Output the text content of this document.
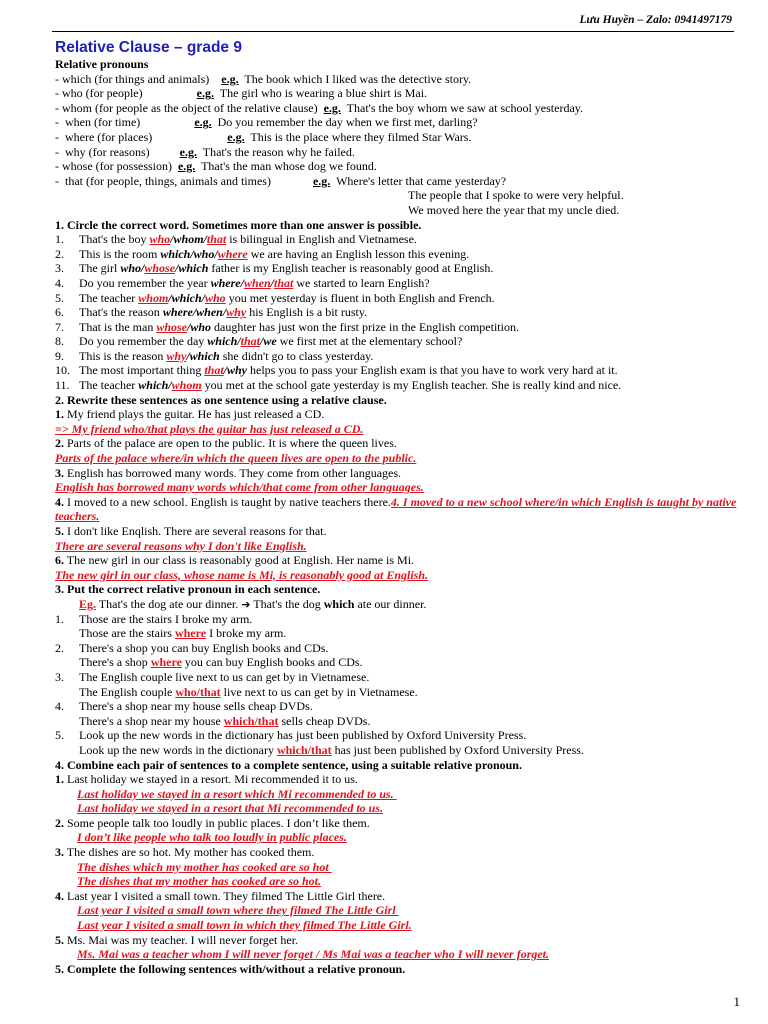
Lưu Huyền – Zalo: 0941497179
Relative Clause – grade 9
Relative pronouns
- which (for things and animals)    e.g.  The book which I liked was the detective story.
- who (for people)                  e.g.  The girl who is wearing a blue shirt is Mai.
- whom (for people as the object of the relative clause)  e.g.  That's the boy whom we saw at school yesterday.
-  when (for time)                  e.g.  Do you remember the day when we first met, darling?
-  where (for places)                         e.g.  This is the place where they filmed Star Wars.
-  why (for reasons)          e.g.  That's the reason why he failed.
- whose (for possession)  e.g.  That's the man whose dog we found.
-  that (for people, things, animals and times)              e.g.  Where's letter that came yesterday?
The people that I spoke to were very helpful.
We moved here the year that my uncle died.
1. Circle the correct word. Sometimes more than one answer is possible.
1. That's the boy who/whom/that is bilingual in English and Vietnamese.
2. This is the room which/who/where we are having an English lesson this evening.
3. The girl who/whose/which father is my English teacher is reasonably good at English.
4. Do you remember the year where/when/that we started to learn English?
5. The teacher whom/which/who you met yesterday is fluent in both English and French.
6. That's the reason where/when/why his English is a bit rusty.
7. That is the man whose/who daughter has just won the first prize in the English competition.
8. Do you remember the day which/that/we we first met at the elementary school?
9. This is the reason why/which she didn't go to class yesterday.
10. The most important thing that/why helps you to pass your English exam is that you have to work very hard at it.
11. The teacher which/whom you met at the school gate yesterday is my English teacher. She is really kind and nice.
2. Rewrite these sentences as one sentence using a relative clause.
1. My friend plays the guitar. He has just released a CD.
=> My friend who/that plays the guitar has just released a CD.
2. Parts of the palace are open to the public. It is where the queen lives.
Parts of the palace where/in which the queen lives are open to the public.
3. English has borrowed many words. They come from other languages.
English has borrowed many words which/that come from other languages.
4. I moved to a new school. English is taught by native teachers there.4. I moved to a new school where/in which English is taught by native teachers.
5. I don't like Enqlish. There are several reasons for that.
There are several reasons why I don't like English.
6. The new girl in our class is reasonably good at English. Her name is Mi.
The new girl in our class, whose name is Mi, is reasonably good at English.
3. Put the correct relative pronoun in each sentence.
Eg. That's the dog ate our dinner. ➔ That's the dog which ate our dinner.
1. Those are the stairs I broke my arm.
Those are the stairs where I broke my arm.
2. There's a shop you can buy English books and CDs.
There's a shop where you can buy English books and CDs.
3. The English couple live next to us can get by in Vietnamese.
The English couple who/that live next to us can get by in Vietnamese.
4. There's a shop near my house sells cheap DVDs.
There's a shop near my house which/that sells cheap DVDs.
5. Look up the new words in the dictionary has just been published by Oxford University Press.
Look up the new words in the dictionary which/that has just been published by Oxford University Press.
4. Combine each pair of sentences to a complete sentence, using a suitable relative pronoun.
1. Last holiday we stayed in a resort. Mi recommended it to us.
Last holiday we stayed in a resort which Mi recommended to us.
Last holiday we stayed in a resort that Mi recommended to us.
2. Some people talk too loudly in public places. I don’t like them.
I don’t like people who talk too loudly in public places.
3. The dishes are so hot. My mother has cooked them.
The dishes which my mother has cooked are so hot
The dishes that my mother has cooked are so hot.
4. Last year I visited a small town. They filmed The Little Girl there.
Last year I visited a small town where they filmed The Little Girl
Last year I visited a small town in which they filmed The Little Girl.
5. Ms. Mai was my teacher. I will never forget her.
Ms. Mai was a teacher whom I will never forget / Ms Mai was a teacher who I will never forget.
5. Complete the following sentences with/without a relative pronoun.
1
